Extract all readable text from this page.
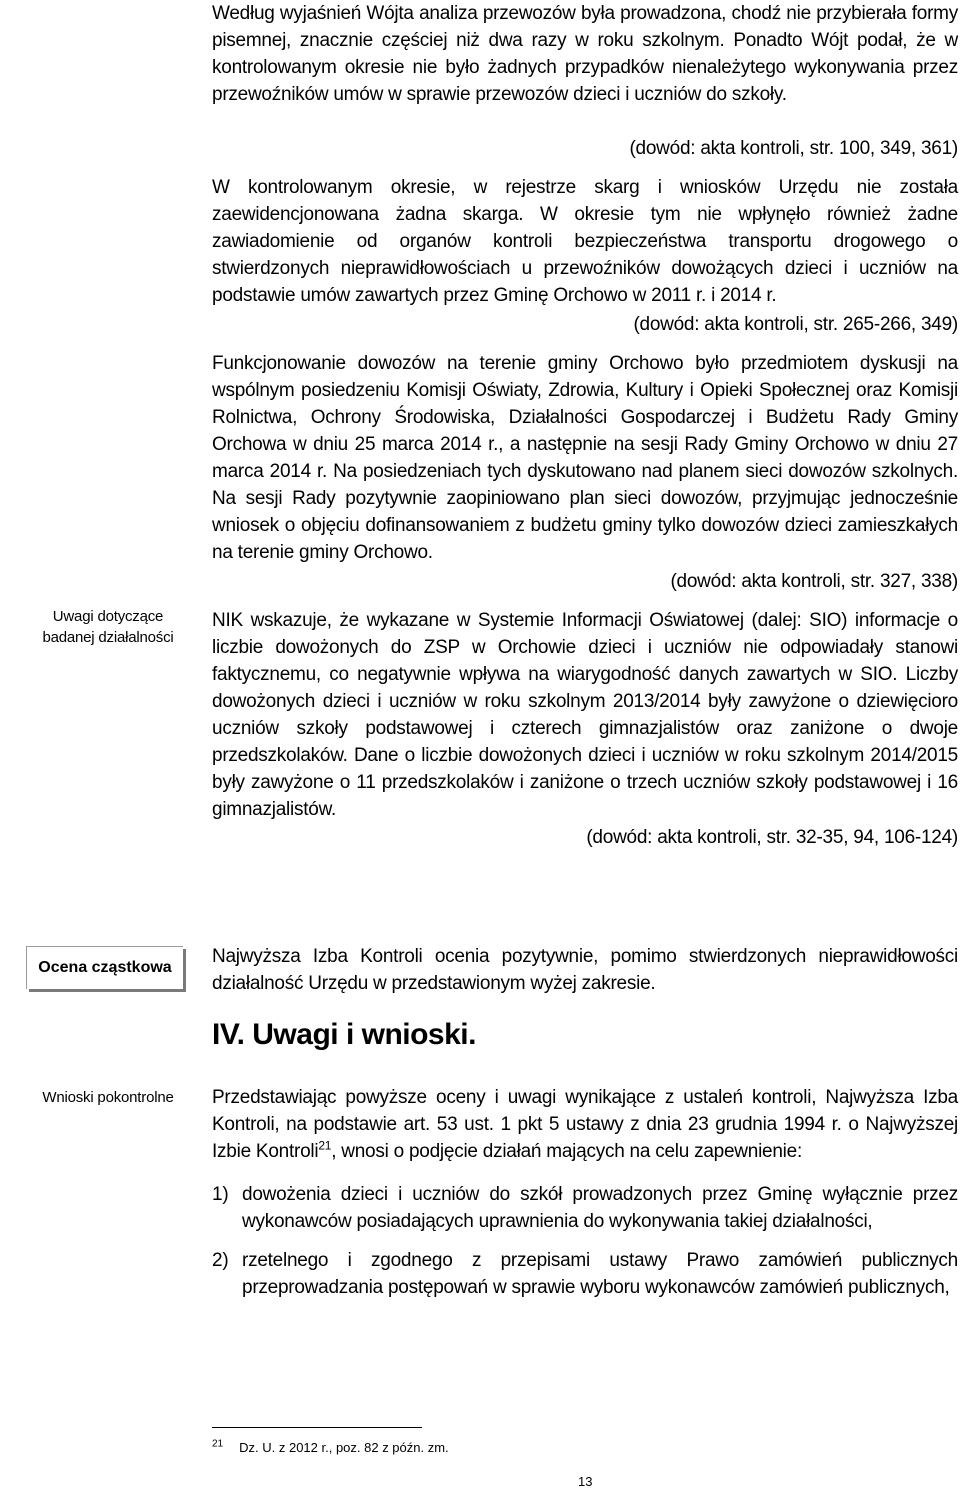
Według wyjaśnień Wójta analiza przewozów była prowadzona, chodź nie przybierała formy pisemnej, znacznie częściej niż dwa razy w roku szkolnym. Ponadto Wójt podał, że w kontrolowanym okresie nie było żadnych przypadków nienależytego wykonywania przez przewoźników umów w sprawie przewozów dzieci i uczniów do szkoły.

(dowód: akta kontroli, str. 100, 349, 361)

W kontrolowanym okresie, w rejestrze skarg i wniosków Urzędu nie została zaewidencjonowana żadna skarga. W okresie tym nie wpłynęło również żadne zawiadomienie od organów kontroli bezpieczeństwa transportu drogowego o stwierdzonych nieprawidłowościach u przewoźników dowożących dzieci i uczniów na podstawie umów zawartych przez Gminę Orchowo w 2011 r. i 2014 r.

(dowód: akta kontroli, str. 265-266, 349)

Funkcjonowanie dowozów na terenie gminy Orchowo było przedmiotem dyskusji na wspólnym posiedzeniu Komisji Oświaty, Zdrowia, Kultury i Opieki Społecznej oraz Komisji Rolnictwa, Ochrony Środowiska, Działalności Gospodarczej i Budżetu Rady Gminy Orchowa w dniu 25 marca 2014 r., a następnie na sesji Rady Gminy Orchowo w dniu 27 marca 2014 r. Na posiedzeniach tych dyskutowano nad planem sieci dowozów szkolnych. Na sesji Rady pozytywnie zaopiniowano plan sieci dowozów, przyjmując jednocześnie wniosek o objęciu dofinansowaniem z budżetu gminy tylko dowozów dzieci zamieszkałych na terenie gminy Orchowo.

(dowód: akta kontroli, str. 327, 338)
Uwagi dotyczące badanej działalności

NIK wskazuje, że wykazane w Systemie Informacji Oświatowej (dalej: SIO) informacje o liczbie dowożonych do ZSP w Orchowie dzieci i uczniów nie odpowiadały stanowi faktycznemu, co negatywnie wpływa na wiarygodność danych zawartych w SIO. Liczby dowożonych dzieci i uczniów w roku szkolnym 2013/2014 były zawyżone o dziewięcioro uczniów szkoły podstawowej i czterech gimnazjalistów oraz zaniżone o dwoje przedszkolaków. Dane o liczbie dowożonych dzieci i uczniów w roku szkolnym 2014/2015 były zawyżone o 11 przedszkolaków i zaniżone o trzech uczniów szkoły podstawowej i 16 gimnazjalistów.

(dowód: akta kontroli, str. 32-35, 94, 106-124)
Ocena cząstkowa

Najwyższa Izba Kontroli ocenia pozytywnie, pomimo stwierdzonych nieprawidłowości działalność Urzędu w przedstawionym wyżej zakresie.

IV. Uwagi i wnioski.
Wnioski pokontrolne	Przedstawiając powyższe oceny i uwagi wynikające z ustaleń kontroli, Najwyższa Izba Kontroli, na podstawie art. 53 ust. 1 pkt 5 ustawy z dnia 23 grudnia 1994 r. o Najwyższej Izbie Kontroli$^{21}$, wnosi o podjęcie działań mających na celu zapewnienie:

1) dowożenia dzieci i uczniów do szkół prowadzonych przez Gminę wyłącznie przez wykonawców posiadających uprawnienia do wykonywania takiej działalności,
2) rzetelnego i zgodnego z przepisami ustawy Prawo zamówień publicznych przeprowadzania postępowań w sprawie wyboru wykonawców zamówień publicznych,
$^{21}$ Dz. U. z 2012 r., poz. 82 z późn. zm.
13
